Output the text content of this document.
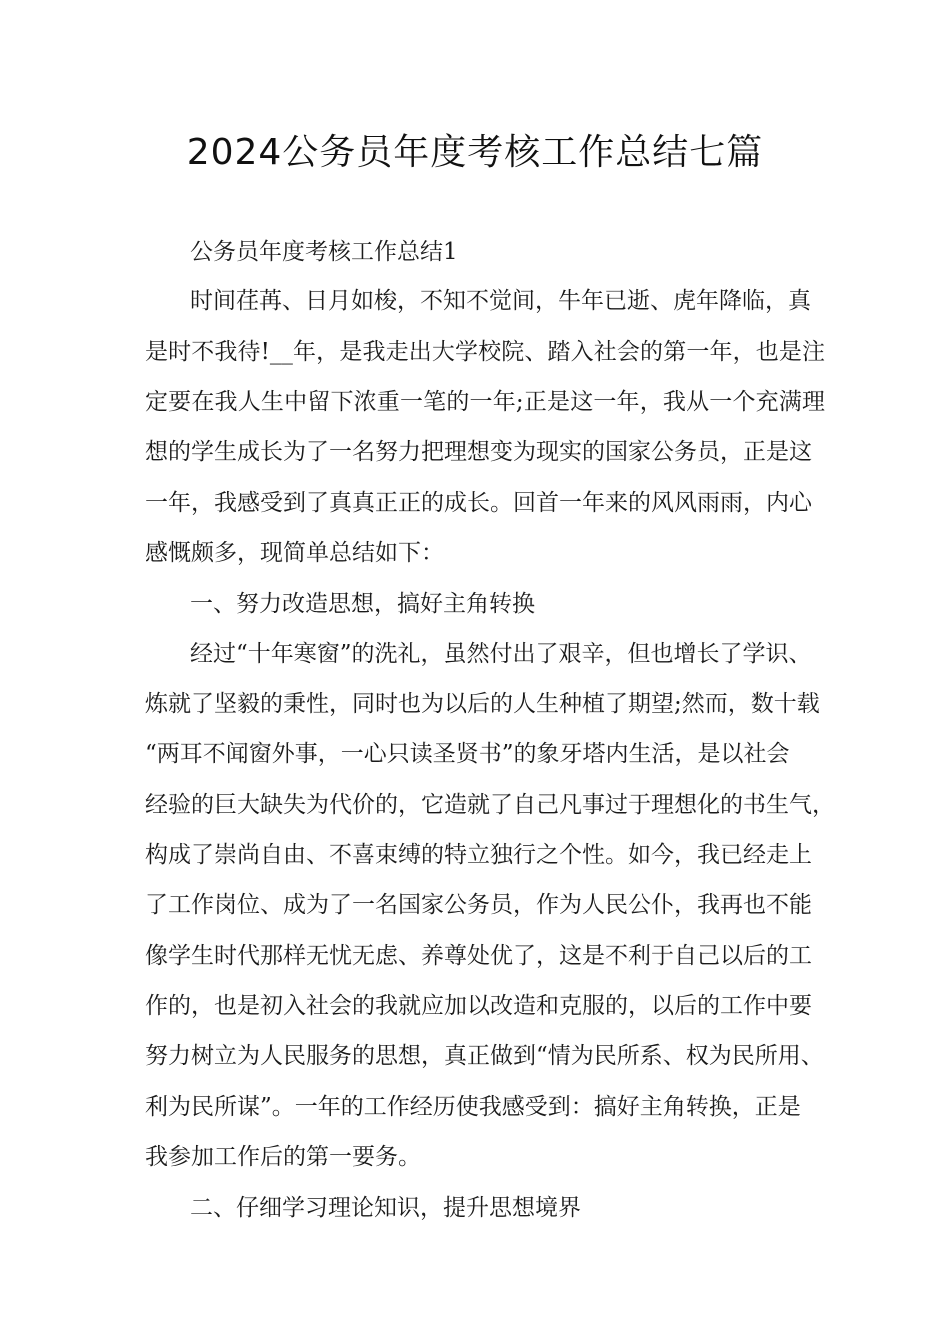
2024公务员年度考核工作总结七篇

公务员年度考核工作总结1

时间荏苒、日月如梭，不知不觉间，牛年已逝、虎年降临，真

是时不我待!__年，是我走出大学校院、踏入社会的第一年，也是注

定要在我人生中留下浓重一笔的一年;正是这一年，我从一个充满理

想的学生成长为了一名努力把理想变为现实的国家公务员，正是这

一年，我感受到了真真正正的成长。回首一年来的风风雨雨，内心

感慨颇多，现简单总结如下：

一、努力改造思想，搞好主角转换

经过“十年寒窗”的洗礼，虽然付出了艰辛，但也增长了学识、

炼就了坚毅的秉性，同时也为以后的人生种植了期望;然而，数十载

“两耳不闻窗外事，一心只读圣贤书”的象牙塔内生活，是以社会

经验的巨大缺失为代价的，它造就了自己凡事过于理想化的书生气，

构成了崇尚自由、不喜束缚的特立独行之个性。如今，我已经走上

了工作岗位、成为了一名国家公务员，作为人民公仆，我再也不能

像学生时代那样无忧无虑、养尊处优了，这是不利于自己以后的工

作的，也是初入社会的我就应加以改造和克服的，以后的工作中要

努力树立为人民服务的思想，真正做到“情为民所系、权为民所用、

利为民所谋”。一年的工作经历使我感受到：搞好主角转换，正是

我参加工作后的第一要务。

二、仔细学习理论知识，提升思想境界
